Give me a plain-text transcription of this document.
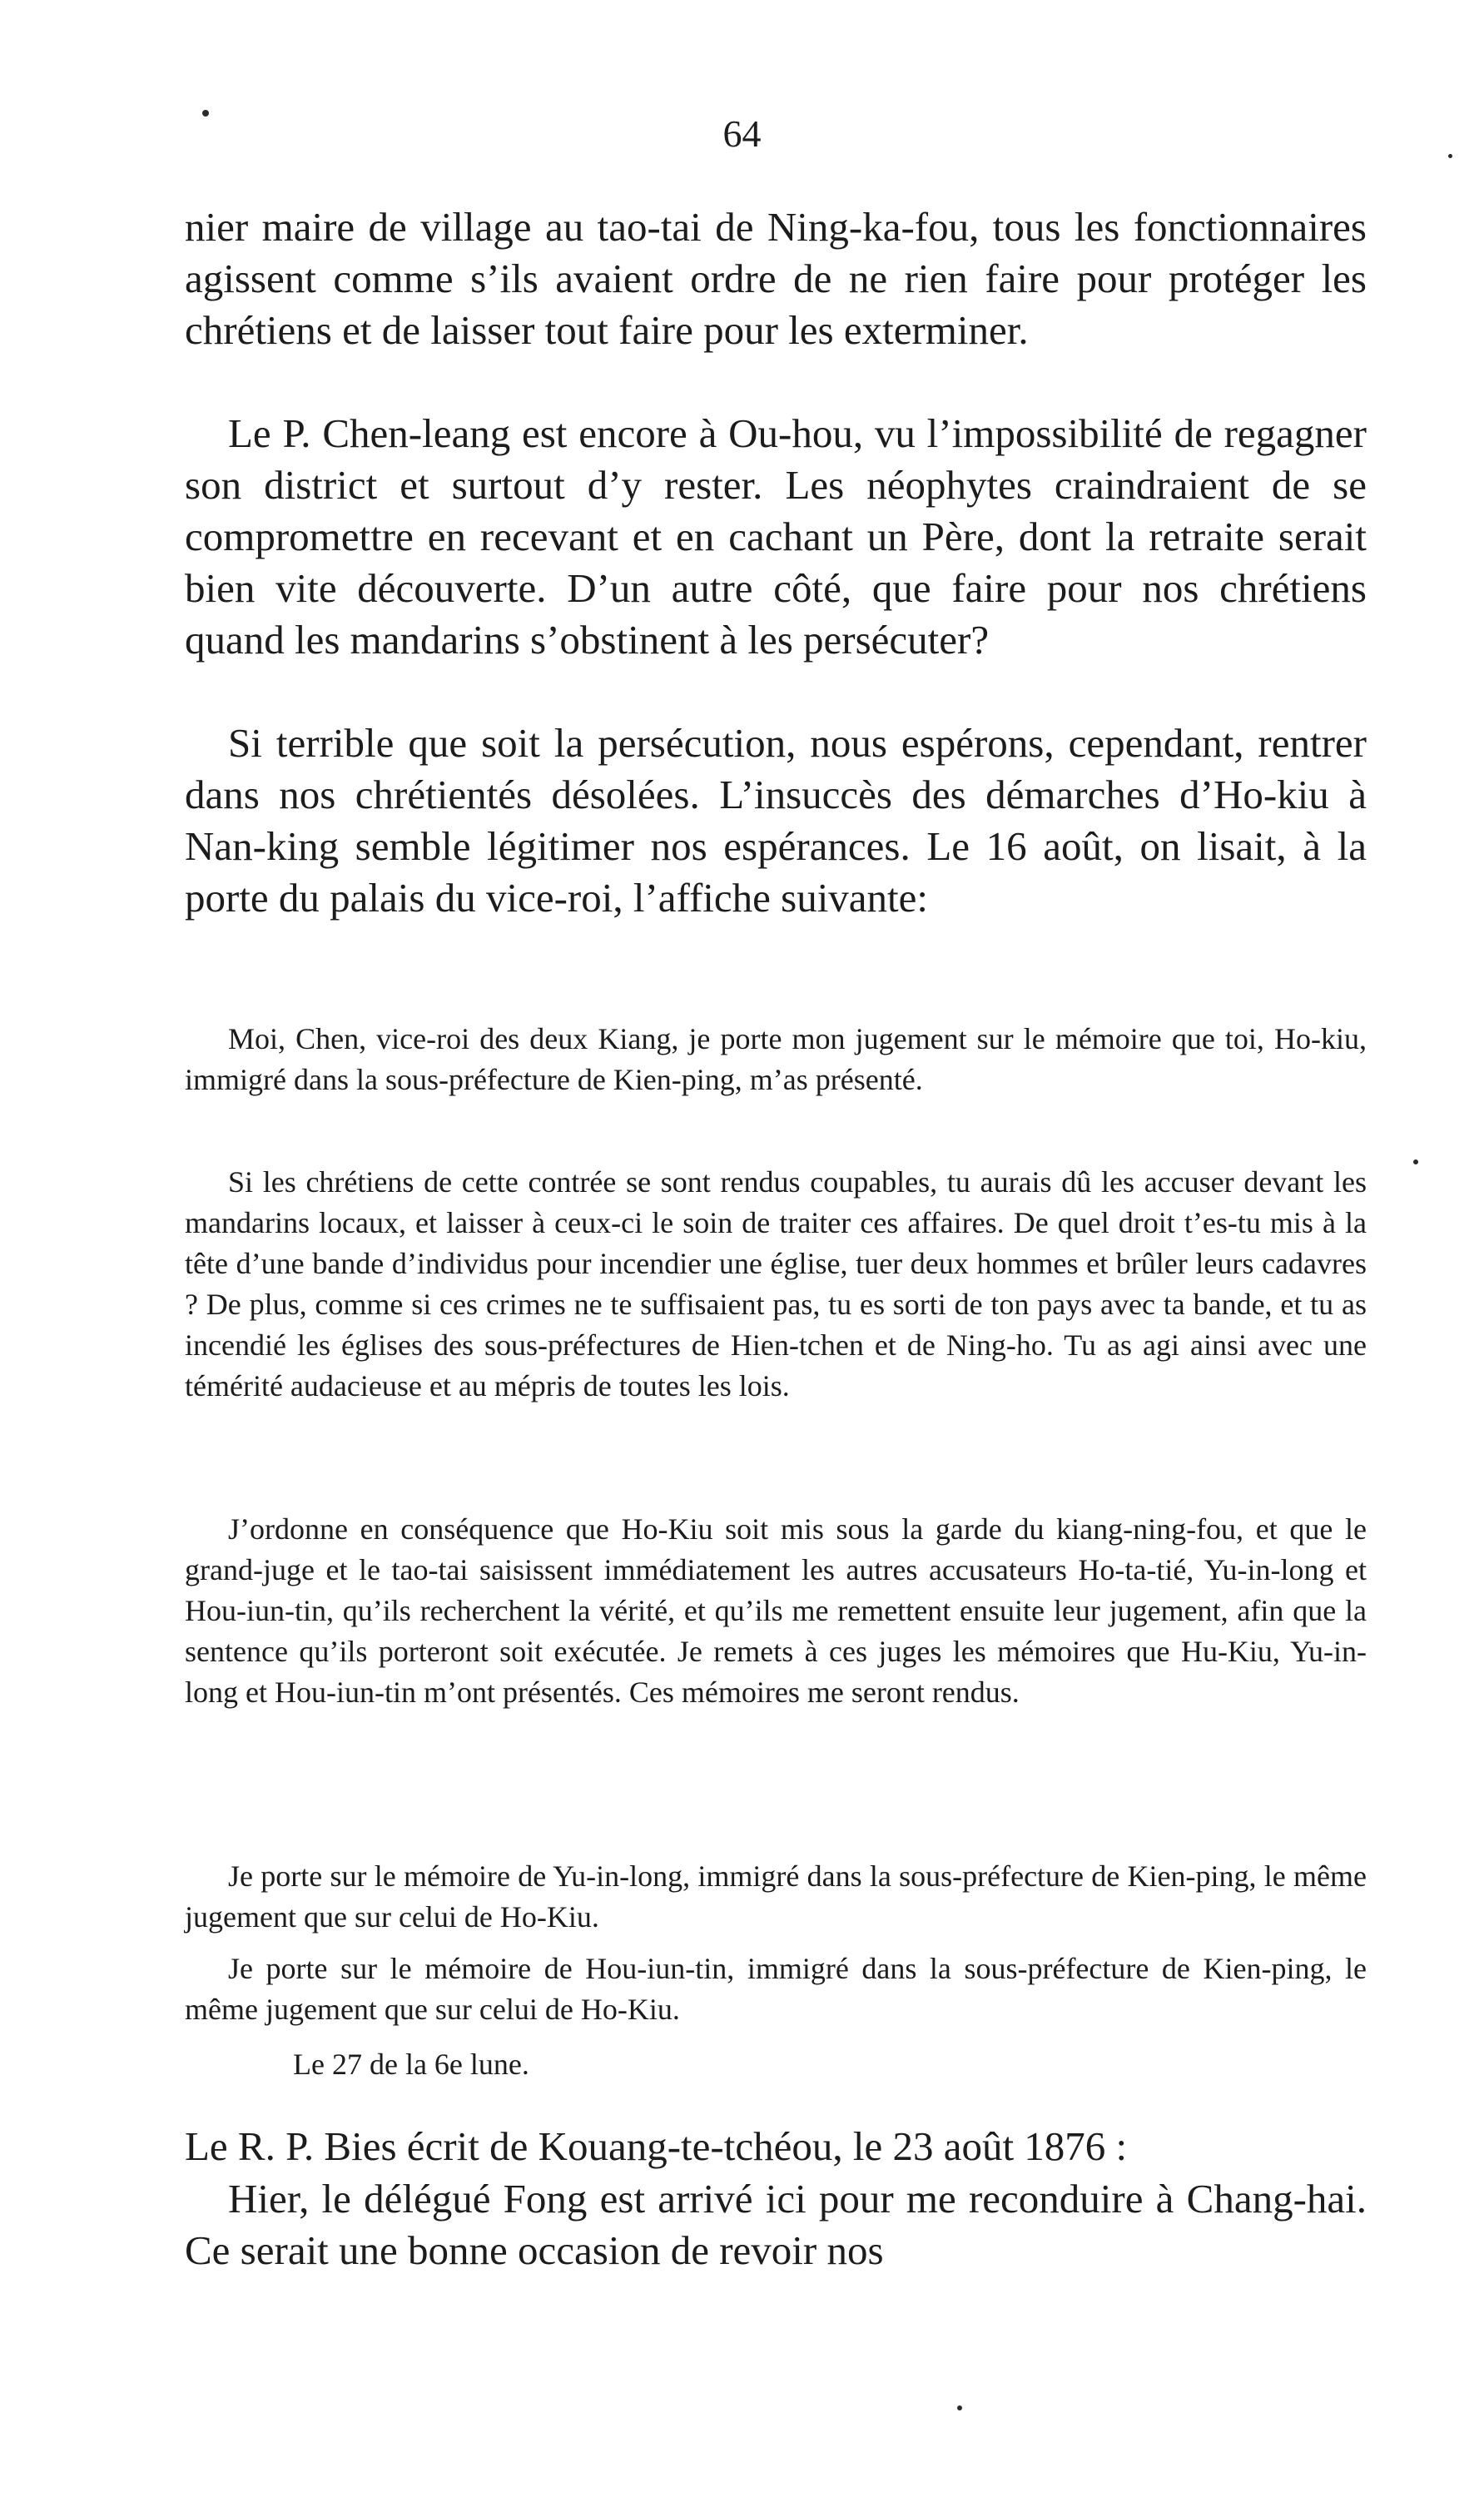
64

nier maire de village au tao-tai de Ning-ka-fou, tous les fonctionnaires agissent comme s’ils avaient ordre de ne rien faire pour protéger les chrétiens et de laisser tout faire pour les exterminer.

Le P. Chen-leang est encore à Ou-hou, vu l’impossibilité de regagner son district et surtout d’y rester. Les néophytes craindraient de se compromettre en recevant et en cachant un Père, dont la retraite serait bien vite découverte. D’un autre côté, que faire pour nos chrétiens quand les mandarins s’obstinent à les persécuter?

Si terrible que soit la persécution, nous espérons, cependant, rentrer dans nos chrétientés désolées. L’insuccès des démarches d’Ho-kiu à Nan-king semble légitimer nos espérances. Le 16 août, on lisait, à la porte du palais du vice-roi, l’affiche suivante:

Moi, Chen, vice-roi des deux Kiang, je porte mon jugement sur le mémoire que toi, Ho-kiu, immigré dans la sous-préfecture de Kien-ping, m’as présenté.

Si les chrétiens de cette contrée se sont rendus coupables, tu aurais dû les accuser devant les mandarins locaux, et laisser à ceux-ci le soin de traiter ces affaires. De quel droit t’es-tu mis à la tête d’une bande d’individus pour incendier une église, tuer deux hommes et brûler leurs cadavres ? De plus, comme si ces crimes ne te suffisaient pas, tu es sorti de ton pays avec ta bande, et tu as incendié les églises des sous-préfectures de Hien-tchen et de Ning-ho. Tu as agi ainsi avec une témérité audacieuse et au mépris de toutes les lois.

J’ordonne en conséquence que Ho-Kiu soit mis sous la garde du kiang-ning-fou, et que le grand-juge et le tao-tai saisissent immédiatement les autres accusateurs Ho-ta-tié, Yu-in-long et Hou-iun-tin, qu’ils recherchent la vérité, et qu’ils me remettent ensuite leur jugement, afin que la sentence qu’ils porteront soit exécutée. Je remets à ces juges les mémoires que Hu-Kiu, Yu-in-long et Hou-iun-tin m’ont présentés. Ces mémoires me seront rendus.

Je porte sur le mémoire de Yu-in-long, immigré dans la sous-préfecture de Kien-ping, le même jugement que sur celui de Ho-Kiu.

Je porte sur le mémoire de Hou-iun-tin, immigré dans la sous-préfecture de Kien-ping, le même jugement que sur celui de Ho-Kiu.

Le 27 de la 6e lune.

Le R. P. Bies écrit de Kouang-te-tchéou, le 23 août 1876 :

Hier, le délégué Fong est arrivé ici pour me reconduire à Chang-hai. Ce serait une bonne occasion de revoir nos
